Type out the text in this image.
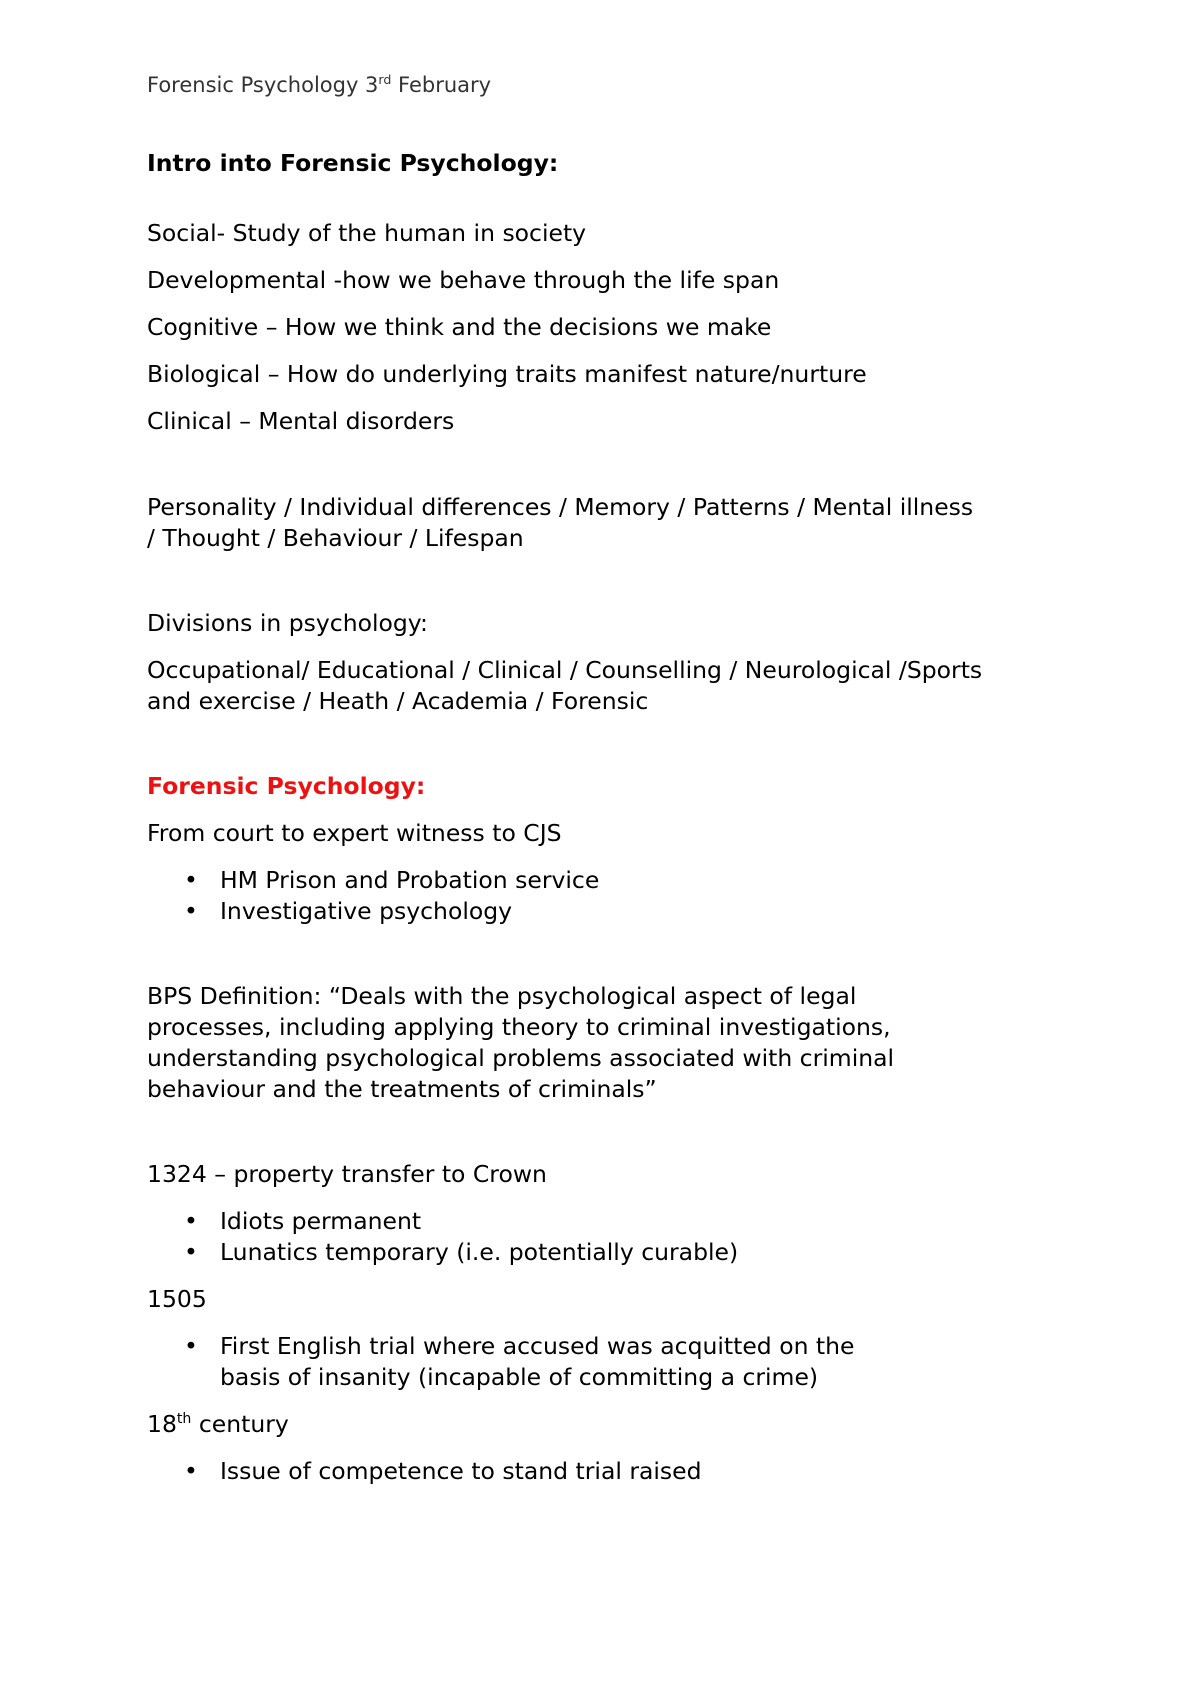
Forensic Psychology 3rd February
Intro into Forensic Psychology:
Social- Study of the human in society
Developmental -how we behave through the life span
Cognitive – How we think and the decisions we make
Biological – How do underlying traits manifest nature/nurture
Clinical – Mental disorders
Personality / Individual differences / Memory / Patterns / Mental illness / Thought / Behaviour / Lifespan
Divisions in psychology:
Occupational/ Educational / Clinical / Counselling / Neurological /Sports and exercise / Heath / Academia / Forensic
Forensic Psychology:
From court to expert witness to CJS
• HM Prison and Probation service
• Investigative psychology
BPS Definition: “Deals with the psychological aspect of legal processes, including applying theory to criminal investigations, understanding psychological problems associated with criminal behaviour and the treatments of criminals”
1324 – property transfer to Crown
• Idiots permanent
• Lunatics temporary (i.e. potentially curable)
1505
• First English trial where accused was acquitted on the basis of insanity (incapable of committing a crime)
18th century
• Issue of competence to stand trial raised
